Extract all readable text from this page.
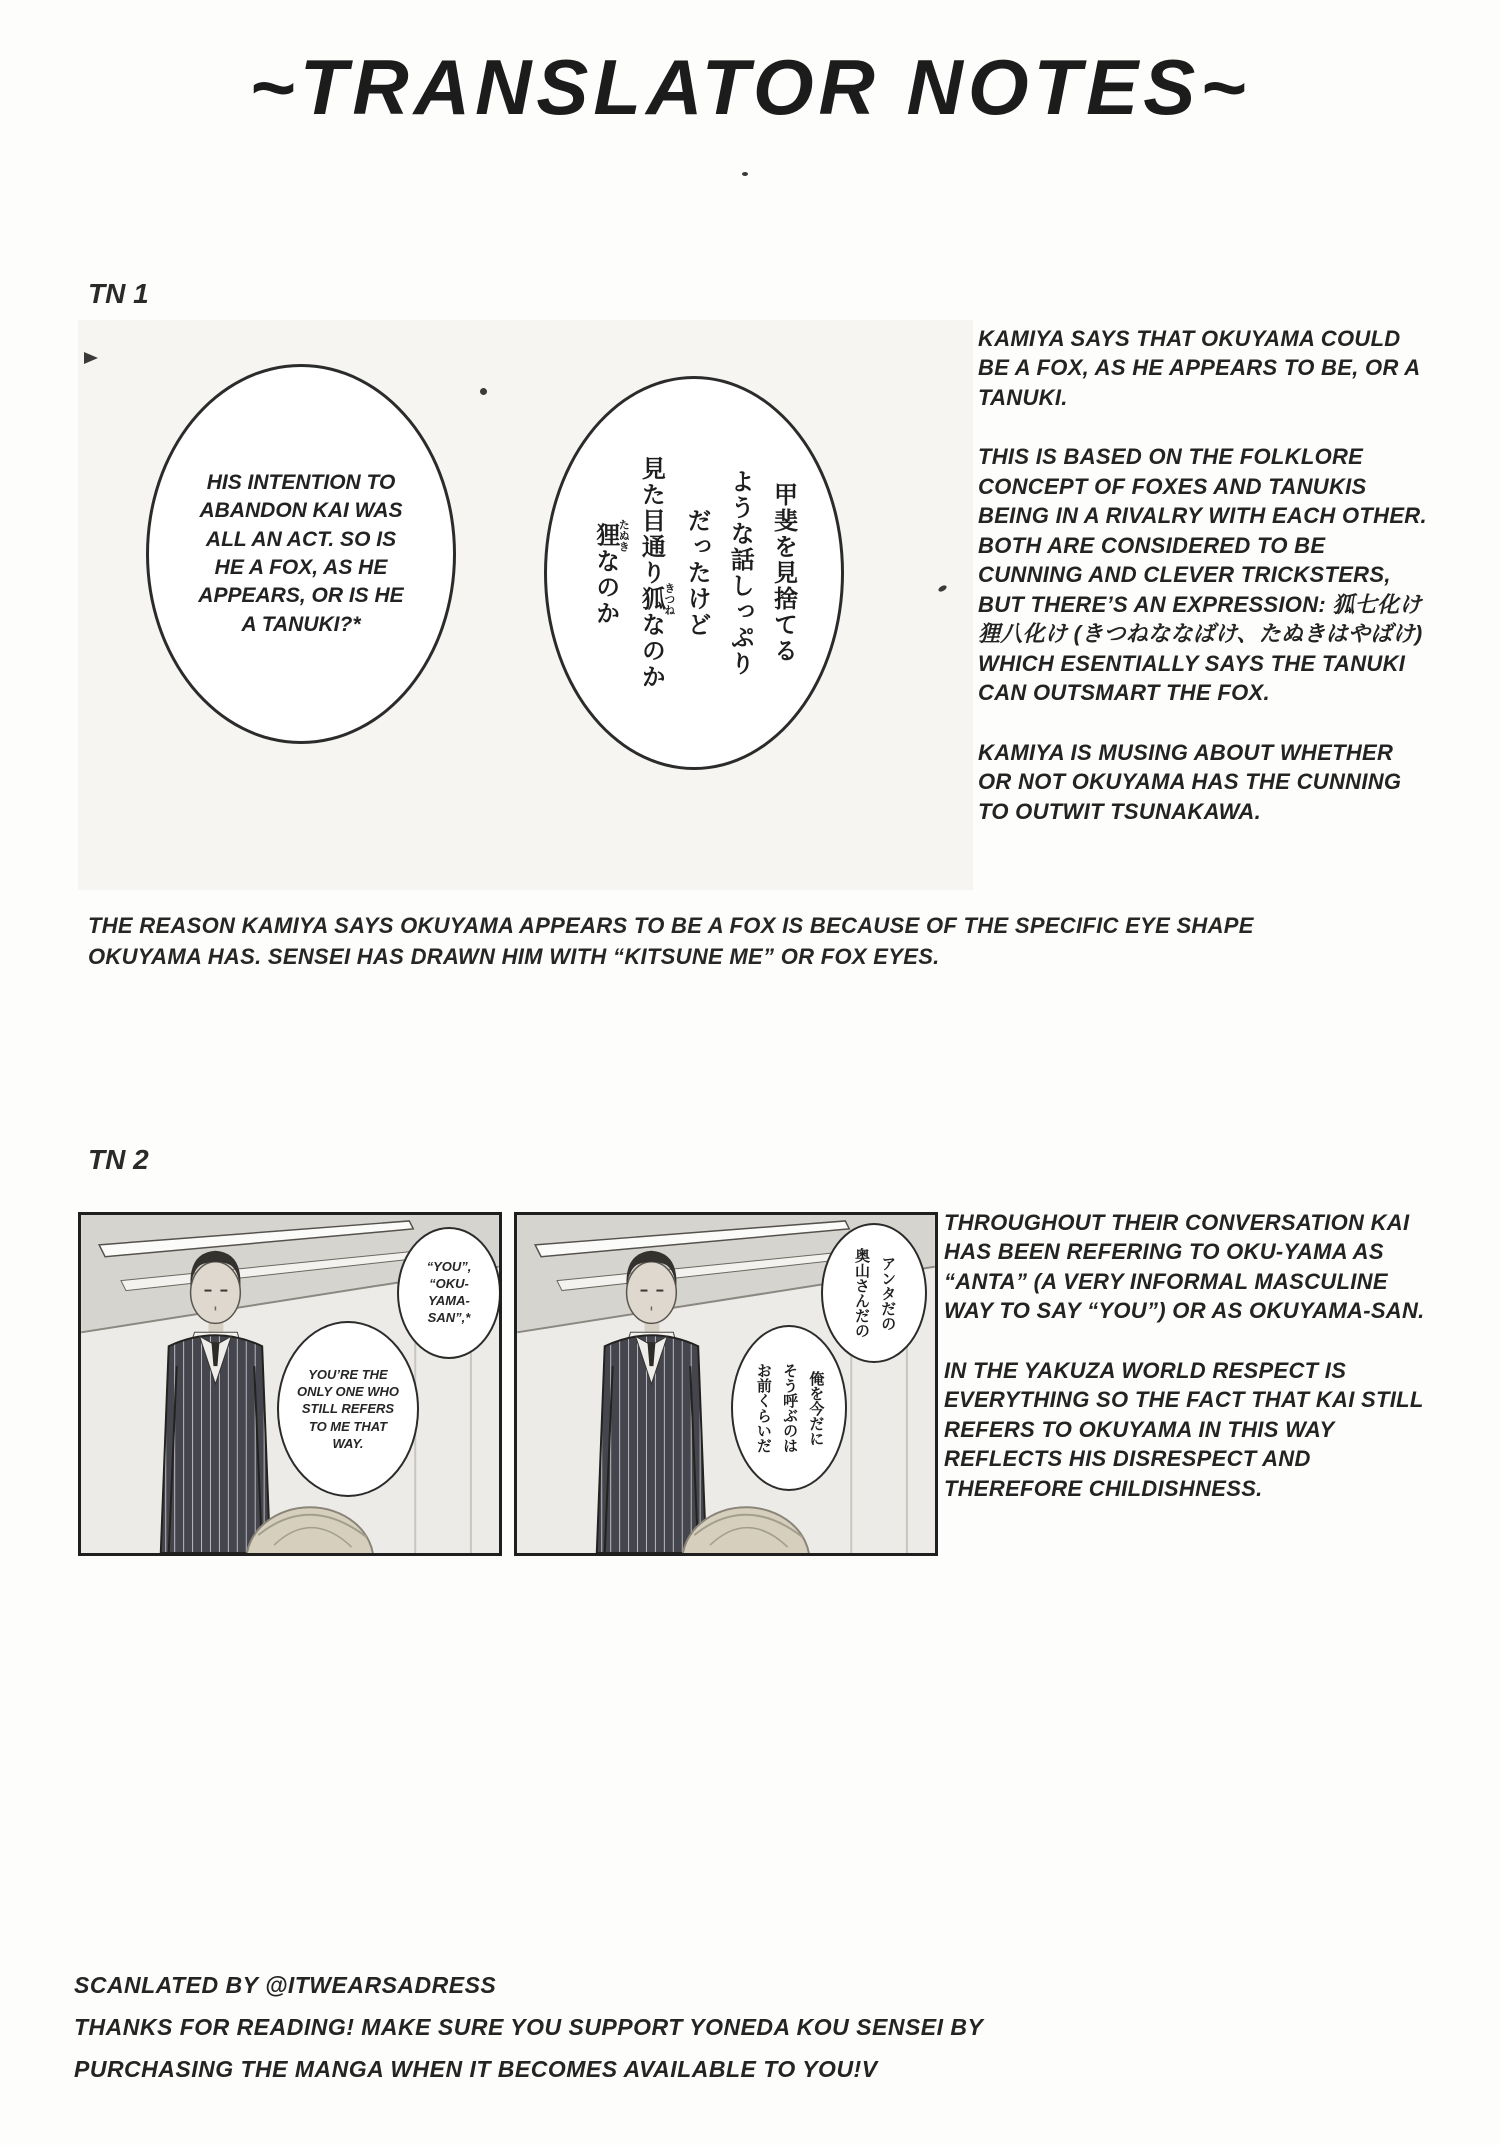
~TRANSLATOR NOTES~
TN 1
HIS INTENTION TO ABANDON KAI WAS ALL AN ACT. SO IS HE A FOX, AS HE APPEARS, OR IS HE A TANUKI?*	甲斐を見捨てる
ような話しっぷり
だったけど
見た目通り狐きつねなのか
狸たぬきなのか

KAMIYA SAYS THAT OKUYAMA COULD BE A FOX, AS HE APPEARS TO BE, OR A TANUKI.

THIS IS BASED ON THE FOLKLORE CONCEPT OF FOXES AND TANUKIS BEING IN A RIVALRY WITH EACH OTHER. BOTH ARE CONSIDERED TO BE CUNNING AND CLEVER TRICKSTERS, BUT THERE’S AN EXPRESSION: 狐七化け狸八化け (きつねななばけ、たぬきはやばけ) WHICH ESENTIALLY SAYS THE TANUKI CAN OUTSMART THE FOX.

KAMIYA IS MUSING ABOUT WHETHER OR NOT OKUYAMA HAS THE CUNNING TO OUTWIT TSUNAKAWA.

THE REASON KAMIYA SAYS OKUYAMA APPEARS TO BE A FOX IS BECAUSE OF THE SPECIFIC EYE SHAPE OKUYAMA HAS. SENSEI HAS DRAWN HIM WITH “KITSUNE ME” OR FOX EYES.

TN 2
“YOU”,
“OKU-
YAMA-
SAN”,*
YOU’RE THE ONLY ONE WHO STILL REFERS TO ME THAT WAY.
アンタだの
奥山さんだの
俺を今だに
そう呼ぶのは
お前くらいだ

THROUGHOUT THEIR CONVERSATION KAI HAS BEEN REFERING TO OKU-YAMA AS “ANTA” (A VERY INFORMAL MASCULINE WAY TO SAY “YOU”) OR AS OKUYAMA-SAN.

IN THE YAKUZA WORLD RESPECT IS EVERYTHING SO THE FACT THAT KAI STILL REFERS TO OKUYAMA IN THIS WAY REFLECTS HIS DISRESPECT AND THEREFORE CHILDISHNESS.

SCANLATED BY @ITWEARSADRESS

THANKS FOR READING! MAKE SURE YOU SUPPORT YONEDA KOU SENSEI BY

PURCHASING THE MANGA WHEN IT BECOMES AVAILABLE TO YOU!V
